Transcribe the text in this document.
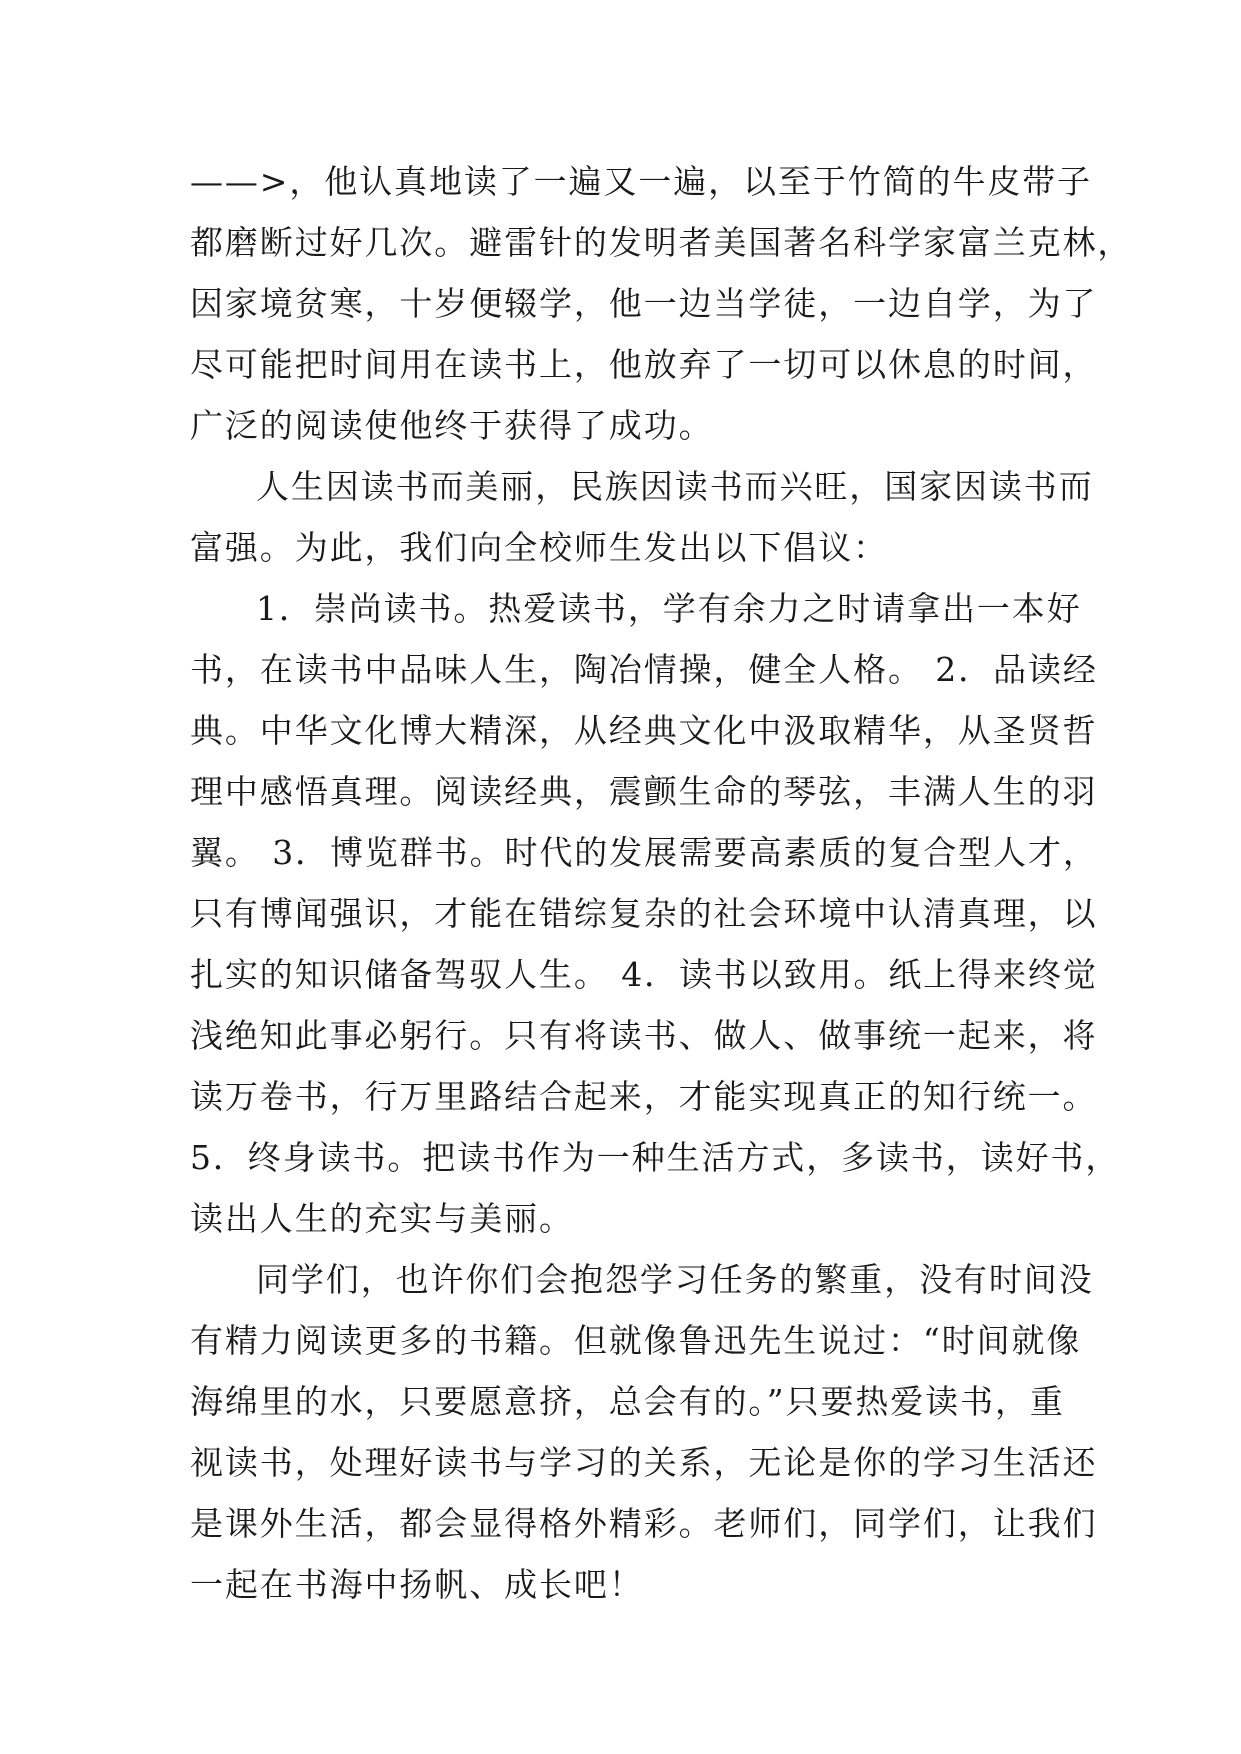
——>，他认真地读了一遍又一遍，以至于竹简的牛皮带子
都磨断过好几次。避雷针的发明者美国著名科学家富兰克林，
因家境贫寒，十岁便辍学，他一边当学徒，一边自学，为了
尽可能把时间用在读书上，他放弃了一切可以休息的时间，
广泛的阅读使他终于获得了成功。
人生因读书而美丽，民族因读书而兴旺，国家因读书而
富强。为此，我们向全校师生发出以下倡议：
1．崇尚读书。热爱读书，学有余力之时请拿出一本好
书，在读书中品味人生，陶冶情操，健全人格。 2．品读经
典。中华文化博大精深，从经典文化中汲取精华，从圣贤哲
理中感悟真理。阅读经典，震颤生命的琴弦，丰满人生的羽
翼。 3．博览群书。时代的发展需要高素质的复合型人才，
只有博闻强识，才能在错综复杂的社会环境中认清真理，以
扎实的知识储备驾驭人生。 4．读书以致用。纸上得来终觉
浅绝知此事必躬行。只有将读书、做人、做事统一起来，将
读万卷书，行万里路结合起来，才能实现真正的知行统一。
5．终身读书。把读书作为一种生活方式，多读书，读好书，
读出人生的充实与美丽。
同学们，也许你们会抱怨学习任务的繁重，没有时间没
有精力阅读更多的书籍。但就像鲁迅先生说过：“时间就像
海绵里的水，只要愿意挤，总会有的。”只要热爱读书，重
视读书，处理好读书与学习的关系，无论是你的学习生活还
是课外生活，都会显得格外精彩。老师们，同学们，让我们
一起在书海中扬帆、成长吧！
